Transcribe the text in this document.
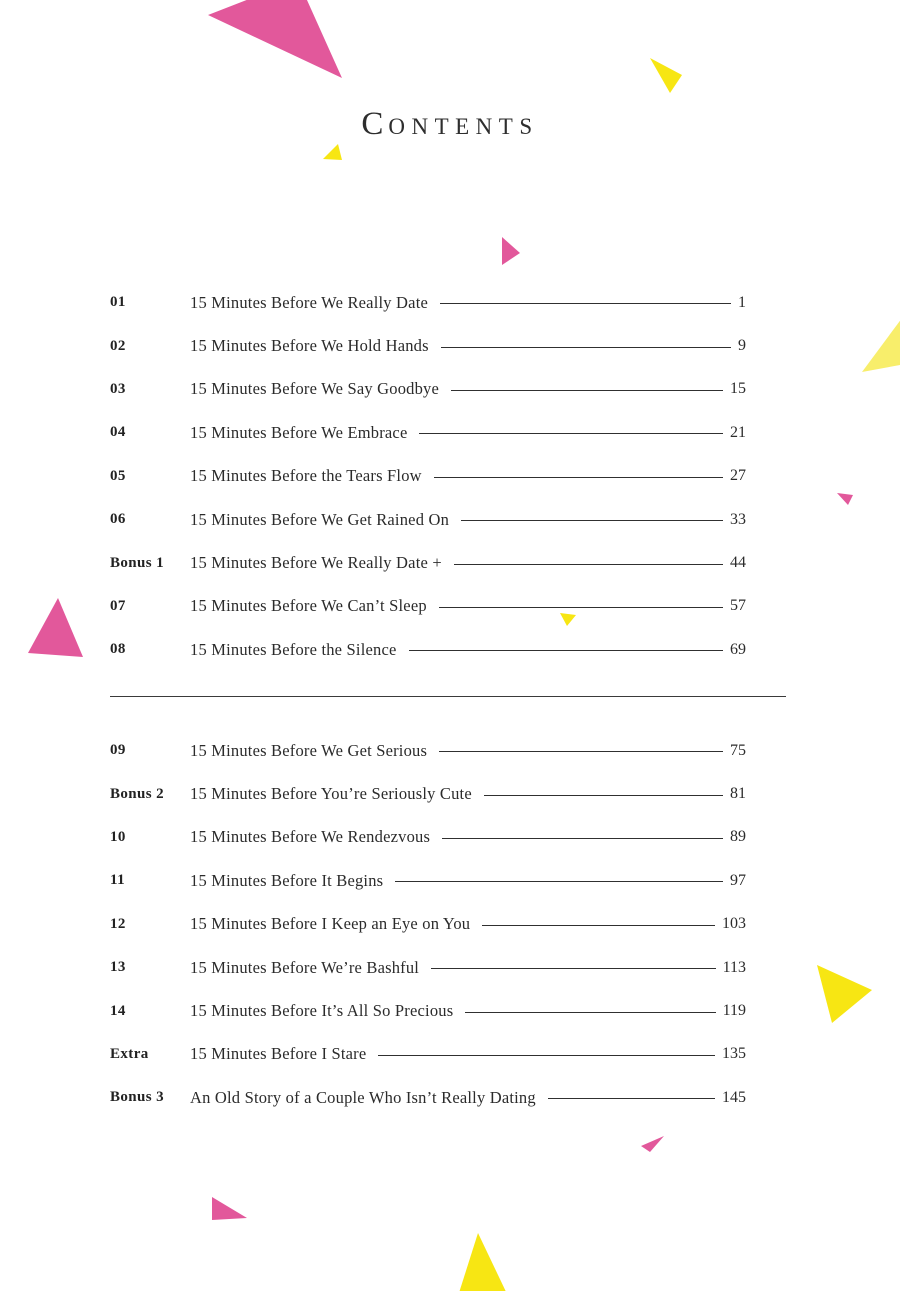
CONTENTS
01	15 Minutes Before We Really Date	1
02	15 Minutes Before We Hold Hands	9
03	15 Minutes Before We Say Goodbye	15
04	15 Minutes Before We Embrace	21
05	15 Minutes Before the Tears Flow	27
06	15 Minutes Before We Get Rained On	33
Bonus 1	15 Minutes Before We Really Date +	44
07	15 Minutes Before We Can’t Sleep	57
08	15 Minutes Before the Silence	69
09	15 Minutes Before We Get Serious	75
Bonus 2	15 Minutes Before You’re Seriously Cute	81
10	15 Minutes Before We Rendezvous	89
11	15 Minutes Before It Begins	97
12	15 Minutes Before I Keep an Eye on You	103
13	15 Minutes Before We’re Bashful	113
14	15 Minutes Before It’s All So Precious	119
Extra	15 Minutes Before I Stare	135
Bonus 3	An Old Story of a Couple Who Isn’t Really Dating	145
